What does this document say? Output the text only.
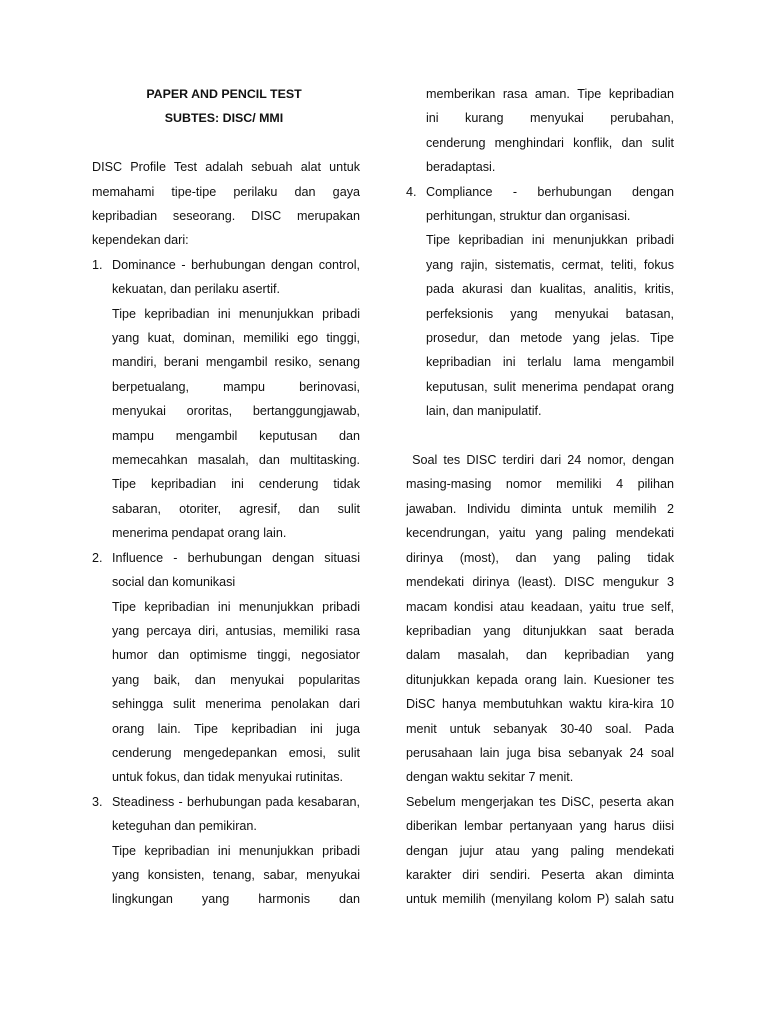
PAPER AND PENCIL TEST
SUBTES: DISC/ MMI
DISC Profile Test adalah sebuah alat untuk
memahami tipe-tipe perilaku dan gaya
kepribadian seseorang. DISC merupakan
kependekan dari:
1. Dominance - berhubungan dengan control,
kekuatan, dan perilaku asertif.
Tipe kepribadian ini menunjukkan pribadi
yang kuat, dominan, memiliki ego tinggi,
mandiri, berani mengambil resiko, senang
berpetualang, mampu berinovasi,
menyukai ororitas, bertanggungjawab,
mampu mengambil keputusan dan
memecahkan masalah, dan multitasking.
Tipe kepribadian ini cenderung tidak
sabaran, otoriter, agresif, dan sulit
menerima pendapat orang lain.
2. Influence - berhubungan dengan situasi
social dan komunikasi
Tipe kepribadian ini menunjukkan pribadi
yang percaya diri, antusias, memiliki rasa
humor dan optimisme tinggi, negosiator
yang baik, dan menyukai popularitas
sehingga sulit menerima penolakan dari
orang lain. Tipe kepribadian ini juga
cenderung mengedepankan emosi, sulit
untuk fokus, dan tidak menyukai rutinitas.
3. Steadiness - berhubungan pada kesabaran,
keteguhan dan pemikiran.
Tipe kepribadian ini menunjukkan pribadi
yang konsisten, tenang, sabar, menyukai
lingkungan yang harmonis dan
memberikan rasa aman. Tipe kepribadian
ini kurang menyukai perubahan,
cenderung menghindari konflik, dan sulit
beradaptasi.
4. Compliance - berhubungan dengan
perhitungan, struktur dan organisasi.
Tipe kepribadian ini menunjukkan pribadi
yang rajin, sistematis, cermat, teliti, fokus
pada akurasi dan kualitas, analitis, kritis,
perfeksionis yang menyukai batasan,
prosedur, dan metode yang jelas. Tipe
kepribadian ini terlalu lama mengambil
keputusan, sulit menerima pendapat orang
lain, dan manipulatif.
Soal tes DISC terdiri dari 24 nomor, dengan
masing-masing nomor memiliki 4 pilihan
jawaban. Individu diminta untuk memilih 2
kecendrungan, yaitu yang paling mendekati
dirinya (most), dan yang paling tidak
mendekati dirinya (least). DISC mengukur 3
macam kondisi atau keadaan, yaitu true self,
kepribadian yang ditunjukkan saat berada
dalam masalah, dan kepribadian yang
ditunjukkan kepada orang lain. Kuesioner tes
DiSC hanya membutuhkan waktu kira-kira 10
menit untuk sebanyak 30-40 soal. Pada
perusahaan lain juga bisa sebanyak 24 soal
dengan waktu sekitar 7 menit.
Sebelum mengerjakan tes DiSC, peserta akan
diberikan lembar pertanyaan yang harus diisi
dengan jujur atau yang paling mendekati
karakter diri sendiri. Peserta akan diminta
untuk memilih (menyilang kolom P) salah satu
